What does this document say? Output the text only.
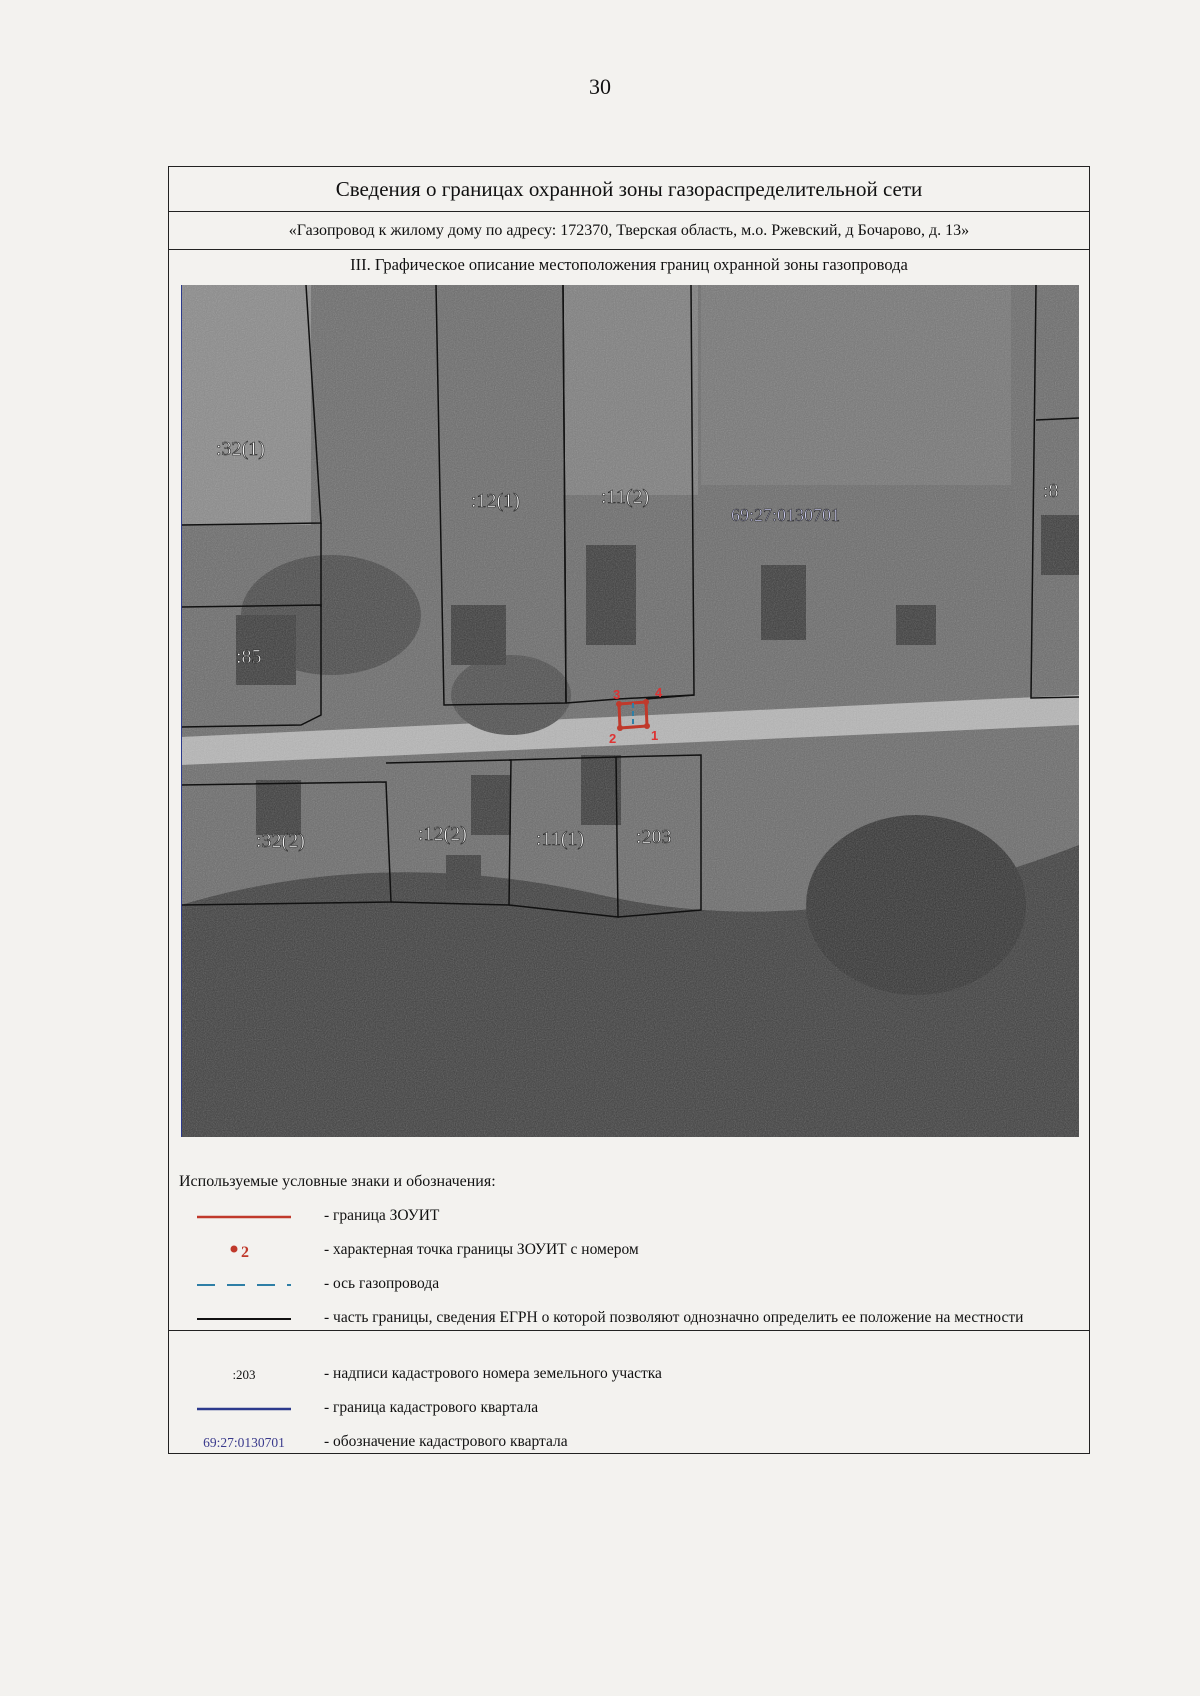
30
Сведения о границах охранной зоны газораспределительной сети
«Газопровод к жилому дому по адресу: 172370, Тверская область, м.о. Ржевский, д Бочарово, д. 13»
III. Графическое описание местоположения границ охранной зоны газопровода
1
2
3	4
:32(1)
:12(1)	:11(2)
:85
:8
:32(2)	:12(2)	:11(1)	:203
69:27:0130701
Используемые условные знаки и обозначения:
- граница ЗОУИТ
2	- характерная точка границы ЗОУИТ с номером
- ось газопровода
- часть границы, сведения ЕГРН о которой позволяют однозначно определить ее положение на местности
:203	- надписи кадастрового номера земельного участка
- граница кадастрового квартала
69:27:0130701	- обозначение кадастрового квартала
